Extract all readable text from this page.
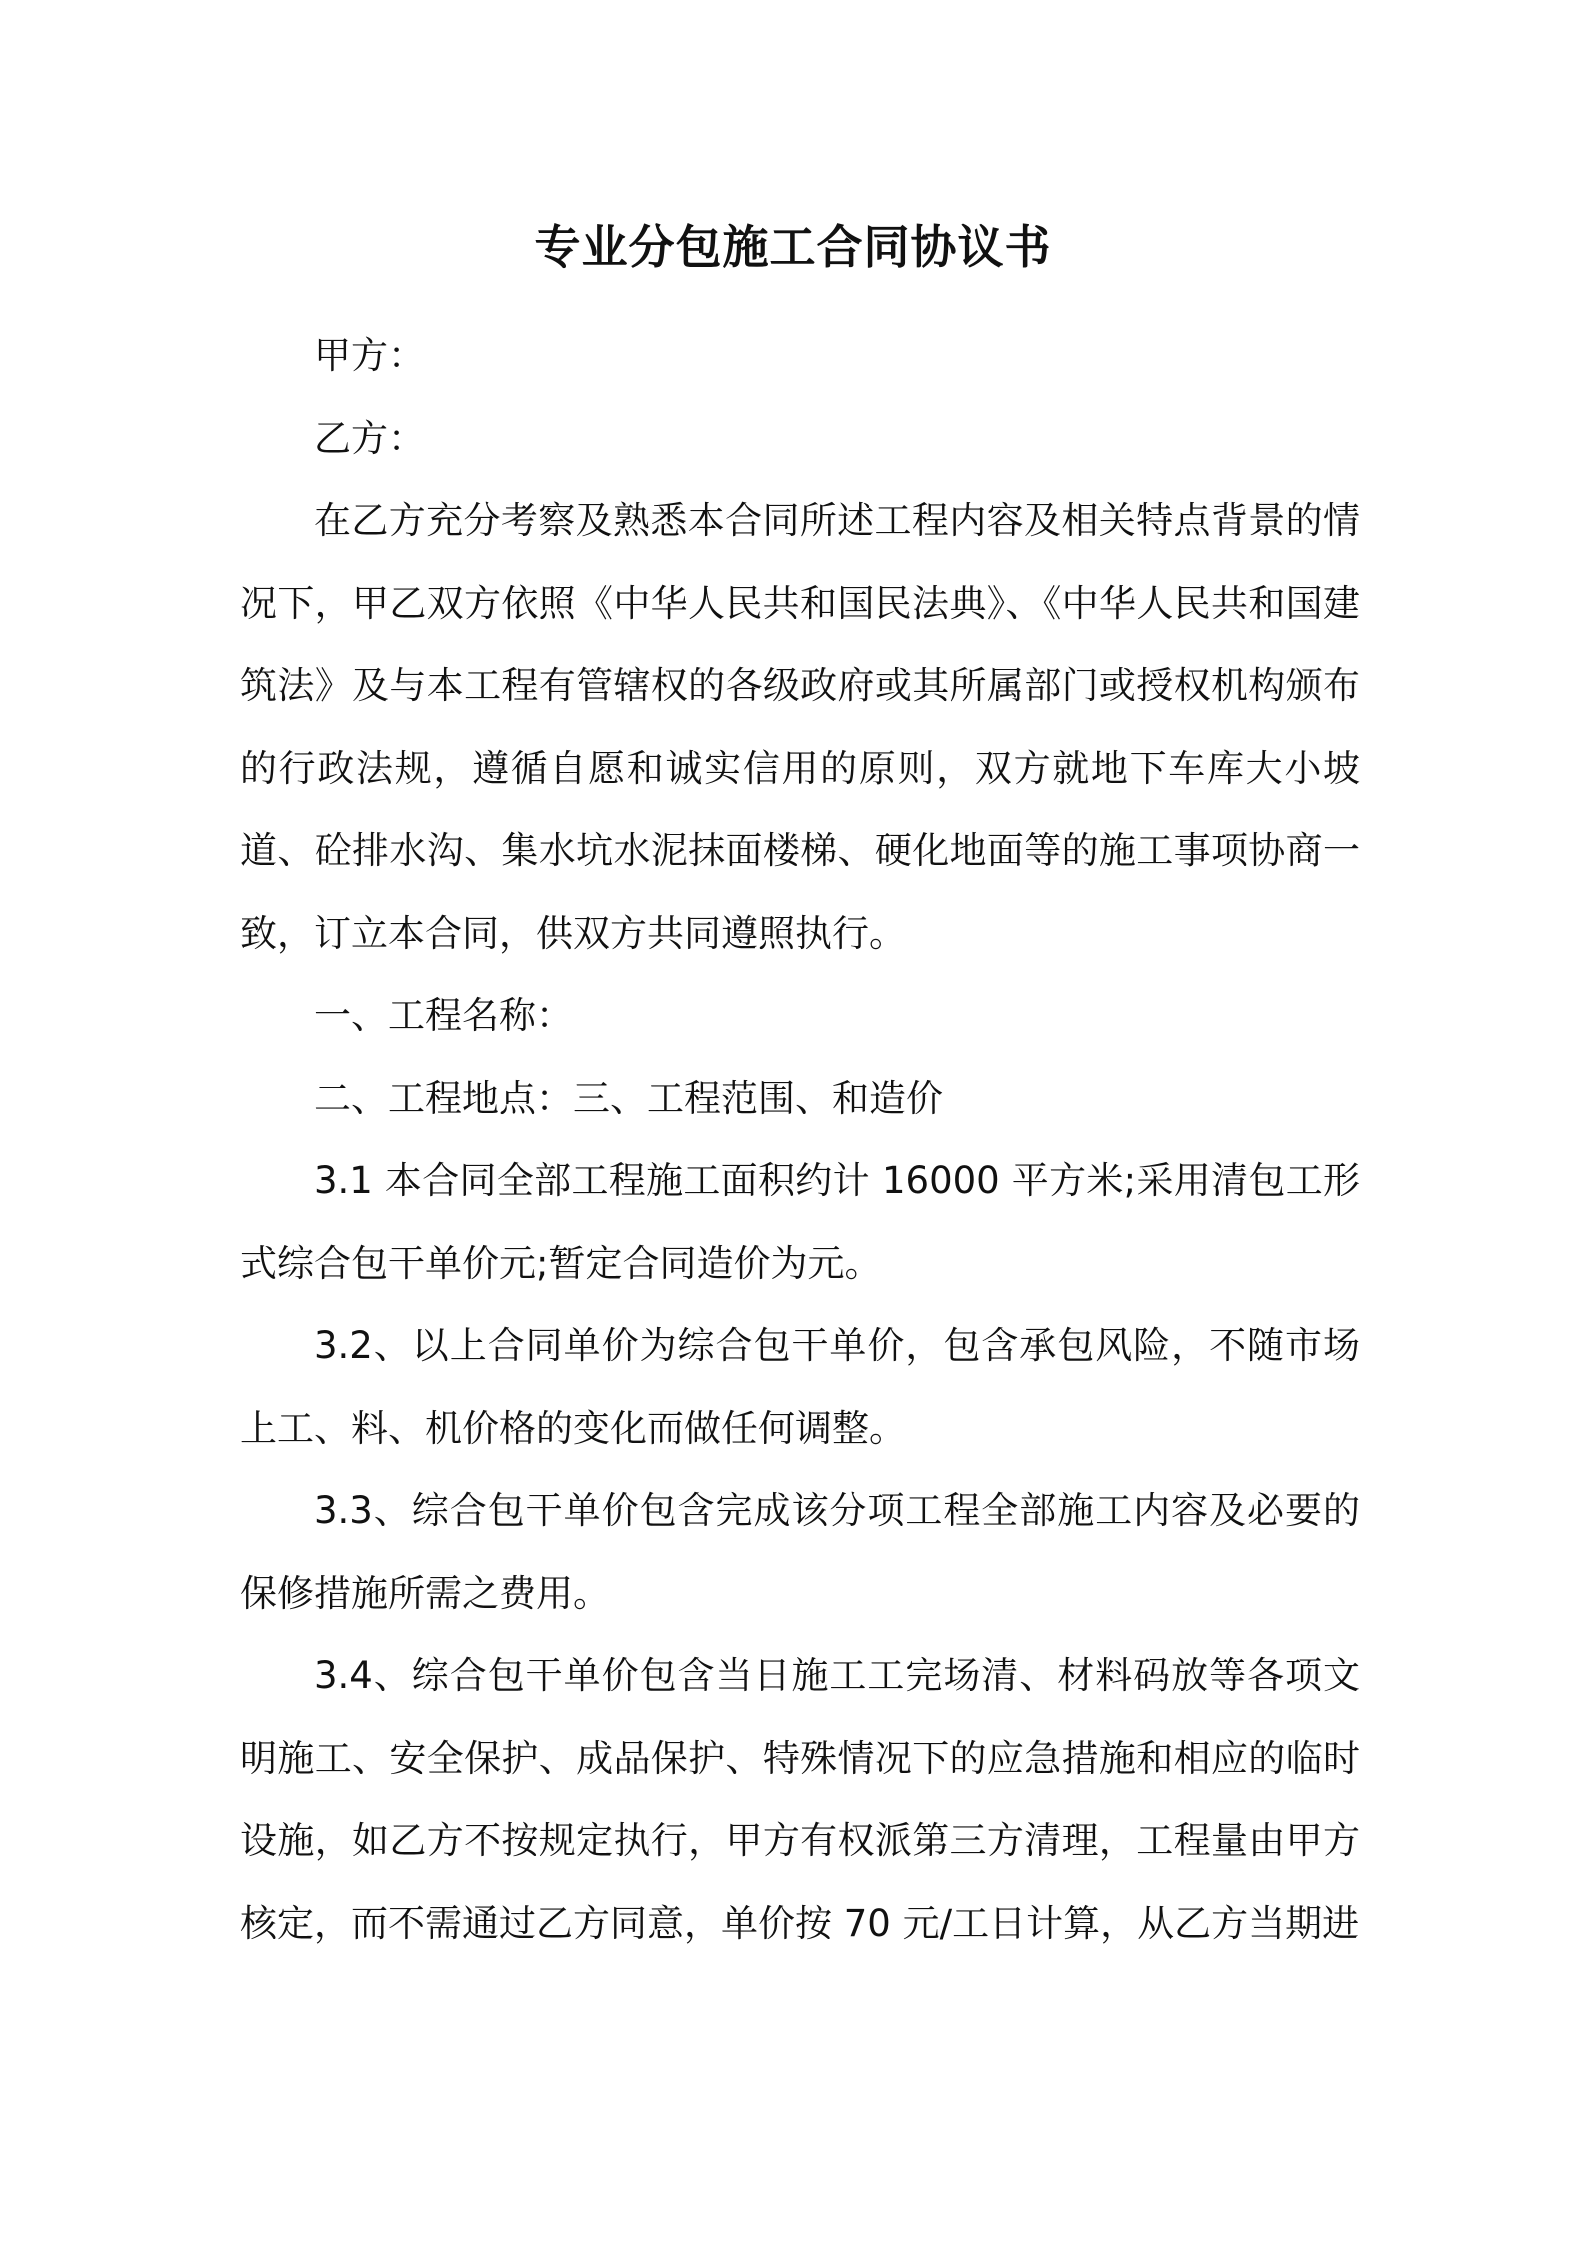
专业分包施工合同协议书

甲方：

乙方：

在乙方充分考察及熟悉本合同所述工程内容及相关特点背景的情况下，甲乙双方依照《中华人民共和国民法典》、《中华人民共和国建筑法》及与本工程有管辖权的各级政府或其所属部门或授权机构颁布的行政法规，遵循自愿和诚实信用的原则，双方就地下车库大小坡道、砼排水沟、集水坑水泥抹面楼梯、硬化地面等的施工事项协商一致，订立本合同，供双方共同遵照执行。

一、工程名称：

二、工程地点：三、工程范围、和造价

3.1 本合同全部工程施工面积约计 16000 平方米;采用清包工形式综合包干单价元;暂定合同造价为元。

3.2、以上合同单价为综合包干单价，包含承包风险，不随市场上工、料、机价格的变化而做任何调整。

3.3、综合包干单价包含完成该分项工程全部施工内容及必要的保修措施所需之费用。

3.4、综合包干单价包含当日施工工完场清、材料码放等各项文明施工、安全保护、成品保护、特殊情况下的应急措施和相应的临时设施，如乙方不按规定执行，甲方有权派第三方清理，工程量由甲方核定，而不需通过乙方同意，单价按 70 元/工日计算，从乙方当期进
